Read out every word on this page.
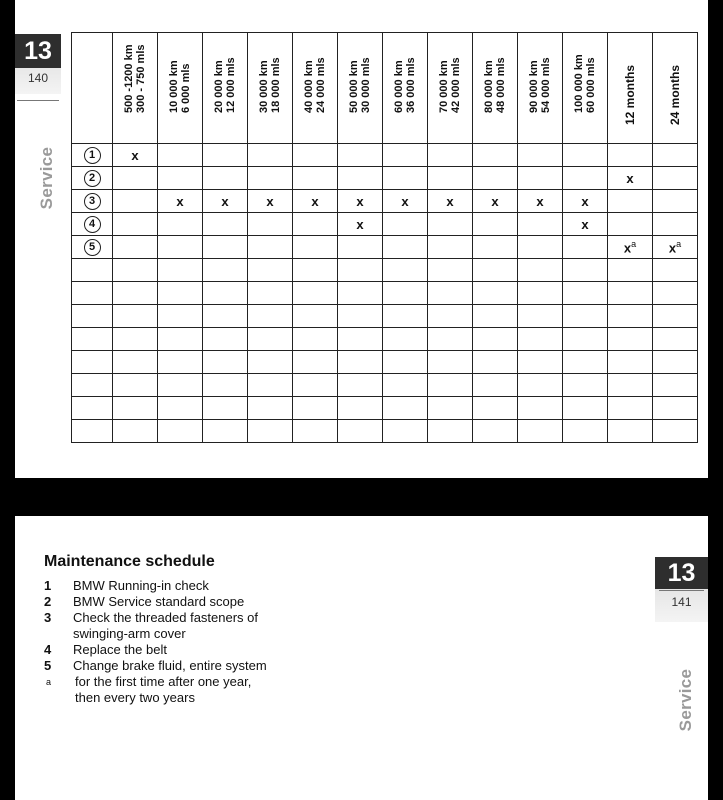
13
140
Service

	500 -1200 km 300 - 750 mls	10 000 km 6 000 mls	20 000 km 12 000 mls	30 000 km 18 000 mls	40 000 km 24 000 mls	50 000 km 30 000 mls	60 000 km 36 000 mls	70 000 km 42 000 mls	80 000 km 48 000 mls	90 000 km 54 000 mls	100 000 km 60 000 mls	12 months	24 months

1	x												
2												x	
3		x	x	x	x	x	x	x	x	x	x		
4						x					x		
5												$x^a$	$x^a$

Maintenance schedule
1	BMW Running-in check
2	BMW Service standard scope
3	Check the threaded fasteners of swinging-arm cover
4	Replace the belt
5	Change brake fluid, entire system
a	for the first time after one year, then every two years
13
141
Service
